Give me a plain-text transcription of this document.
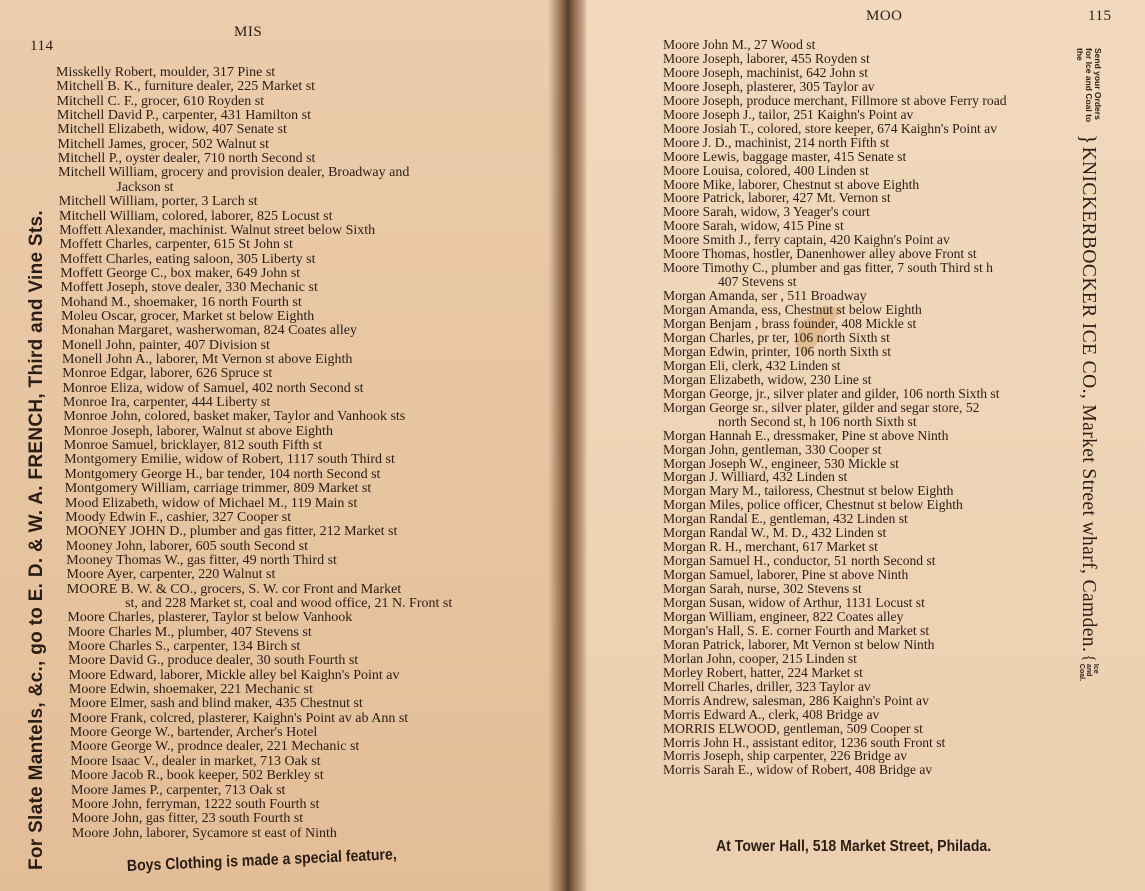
114
MIS
MOO	115
For Slate Mantels, &c., go to E. D. & W. A. FRENCH, Third and Vine Sts.
Misskelly Robert, moulder, 317 Pine st
Mitchell B. K., furniture dealer, 225 Market st
Mitchell C. F., grocer, 610 Royden st
Mitchell David P., carpenter, 431 Hamilton st
Mitchell Elizabeth, widow, 407 Senate st
Mitchell James, grocer, 502 Walnut st
Mitchell P., oyster dealer, 710 north Second st
Mitchell William, grocery and provision dealer, Broadway and
Jackson st
Mitchell William, porter, 3 Larch st
Mitchell William, colored, laborer, 825 Locust st
Moffett Alexander, machinist. Walnut street below Sixth
Moffett Charles, carpenter, 615 St John st
Moffett Charles, eating saloon, 305 Liberty st
Moffett George C., box maker, 649 John st
Moffett Joseph, stove dealer, 330 Mechanic st
Mohand M., shoemaker, 16 north Fourth st
Moleu Oscar, grocer, Market st below Eighth
Monahan Margaret, washerwoman, 824 Coates alley
Monell John, painter, 407 Division st
Monell John A., laborer, Mt Vernon st above Eighth
Monroe Edgar, laborer, 626 Spruce st
Monroe Eliza, widow of Samuel, 402 north Second st
Monroe Ira, carpenter, 444 Liberty st
Monroe John, colored, basket maker, Taylor and Vanhook sts
Monroe Joseph, laborer, Walnut st above Eighth
Monroe Samuel, bricklayer, 812 south Fifth st
Montgomery Emilie, widow of Robert, 1117 south Third st
Montgomery George H., bar tender, 104 north Second st
Montgomery William, carriage trimmer, 809 Market st
Mood Elizabeth, widow of Michael M., 119 Main st
Moody Edwin F., cashier, 327 Cooper st
MOONEY JOHN D., plumber and gas fitter, 212 Market st
Mooney John, laborer, 605 south Second st
Mooney Thomas W., gas fitter, 49 north Third st
Moore Ayer, carpenter, 220 Walnut st
MOORE B. W. & CO., grocers, S. W. cor Front and Market
st, and 228 Market st, coal and wood office, 21 N. Front st
Moore Charles, plasterer, Taylor st below Vanhook
Moore Charles M., plumber, 407 Stevens st
Moore Charles S., carpenter, 134 Birch st
Moore David G., produce dealer, 30 south Fourth st
Moore Edward, laborer, Mickle alley bel Kaighn's Point av
Moore Edwin, shoemaker, 221 Mechanic st
Moore Elmer, sash and blind maker, 435 Chestnut st
Moore Frank, colcred, plasterer, Kaighn's Point av ab Ann st
Moore George W., bartender, Archer's Hotel
Moore George W., prodnce dealer, 221 Mechanic st
Moore Isaac V., dealer in market, 713 Oak st
Moore Jacob R., book keeper, 502 Berkley st
Moore James P., carpenter, 713 Oak st
Moore John, ferryman, 1222 south Fourth st
Moore John, gas fitter, 23 south Fourth st
Moore John, laborer, Sycamore st east of Ninth
Moore John M., 27 Wood st
Moore Joseph, laborer, 455 Royden st
Moore Joseph, machinist, 642 John st
Moore Joseph, plasterer, 305 Taylor av
Moore Joseph, produce merchant, Fillmore st above Ferry road
Moore Joseph J., tailor, 251 Kaighn's Point av
Moore Josiah T., colored, store keeper, 674 Kaighn's Point av
Moore J. D., machinist, 214 north Fifth st
Moore Lewis, baggage master, 415 Senate st
Moore Louisa, colored, 400 Linden st
Moore Mike, laborer, Chestnut st above Eighth
Moore Patrick, laborer, 427 Mt. Vernon st
Moore Sarah, widow, 3 Yeager's court
Moore Sarah, widow, 415 Pine st
Moore Smith J., ferry captain, 420 Kaighn's Point av
Moore Thomas, hostler, Danenhower alley above Front st
Moore Timothy C., plumber and gas fitter, 7 south Third st h
407 Stevens st
Morgan Amanda, ser , 511 Broadway
Morgan Amanda, ess, Chestnut st below Eighth
Morgan Benjam , brass founder, 408 Mickle st
Morgan Charles, pr ter, 106 north Sixth st
Morgan Edwin, printer, 106 north Sixth st
Morgan Eli, clerk, 432 Linden st
Morgan Elizabeth, widow, 230 Line st
Morgan George, jr., silver plater and gilder, 106 north Sixth st
Morgan George sr., silver plater, gilder and segar store, 52
north Second st, h 106 north Sixth st
Morgan Hannah E., dressmaker, Pine st above Ninth
Morgan John, gentleman, 330 Cooper st
Morgan Joseph W., engineer, 530 Mickle st
Morgan J. Williard, 432 Linden st
Morgan Mary M., tailoress, Chestnut st below Eighth
Morgan Miles, police officer, Chestnut st below Eighth
Morgan Randal E., gentleman, 432 Linden st
Morgan Randal W., M. D., 432 Linden st
Morgan R. H., merchant, 617 Market st
Morgan Samuel H., conductor, 51 north Second st
Morgan Samuel, laborer, Pine st above Ninth
Morgan Sarah, nurse, 302 Stevens st
Morgan Susan, widow of Arthur, 1131 Locust st
Morgan William, engineer, 822 Coates alley
Morgan's Hall, S. E. corner Fourth and Market st
Moran Patrick, laborer, Mt Vernon st below Ninth
Morlan John, cooper, 215 Linden st
Morley Robert, hatter, 224 Market st
Morrell Charles, driller, 323 Taylor av
Morris Andrew, salesman, 286 Kaighn's Point av
Morris Edward A., clerk, 408 Bridge av
MORRIS ELWOOD, gentleman, 509 Cooper st
Morris John H., assistant editor, 1236 south Front st
Morris Joseph, ship carpenter, 226 Bridge av
Morris Sarah E., widow of Robert, 408 Bridge av
Send your Orders for Ice and Coal to the
}
KNICKERBOCKER ICE CO., Market Street wharf, Camden.
{
Ice and Coal.
Boys Clothing is made a special feature,	At Tower Hall, 518 Market Street, Philada.
